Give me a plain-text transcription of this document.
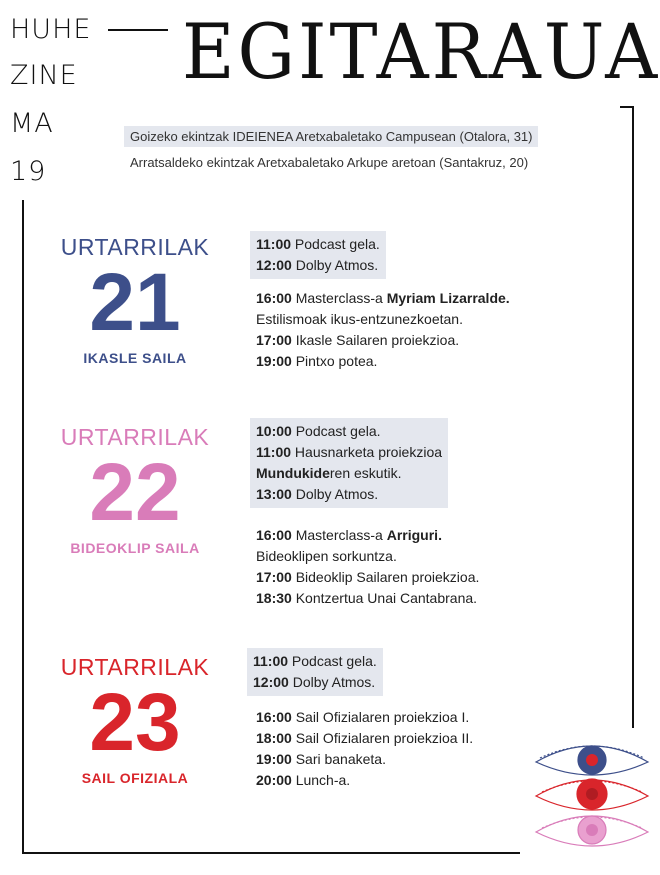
HUHE
ZINE
MA
19
EGITARAUA
Goizeko ekintzak IDEIENEA Aretxabaletako Campusean (Otalora, 31)
Arratsaldeko ekintzak Aretxabaletako Arkupe aretoan (Santakruz, 20)
URTARRILAK
21
IKASLE SAILA
11:00 Podcast gela.
12:00 Dolby Atmos.
16:00 Masterclass-a Myriam Lizarralde.
Estilismoak ikus-entzunezkoetan.
17:00 Ikasle Sailaren proiekzioa.
19:00 Pintxo potea.
URTARRILAK
22
BIDEOKLIP SAILA
10:00 Podcast gela.
11:00 Hausnarketa proiekzioa
Mundukideren eskutik.
13:00 Dolby Atmos.
16:00 Masterclass-a Arriguri.
Bideoklipen sorkuntza.
17:00 Bideoklip Sailaren proiekzioa.
18:30 Kontzertua Unai Cantabrana.
URTARRILAK
23
SAIL OFIZIALA
11:00 Podcast gela.
12:00 Dolby Atmos.
16:00 Sail Ofizialaren proiekzioa I.
18:00 Sail Ofizialaren proiekzioa II.
19:00 Sari banaketa.
20:00 Lunch-a.
